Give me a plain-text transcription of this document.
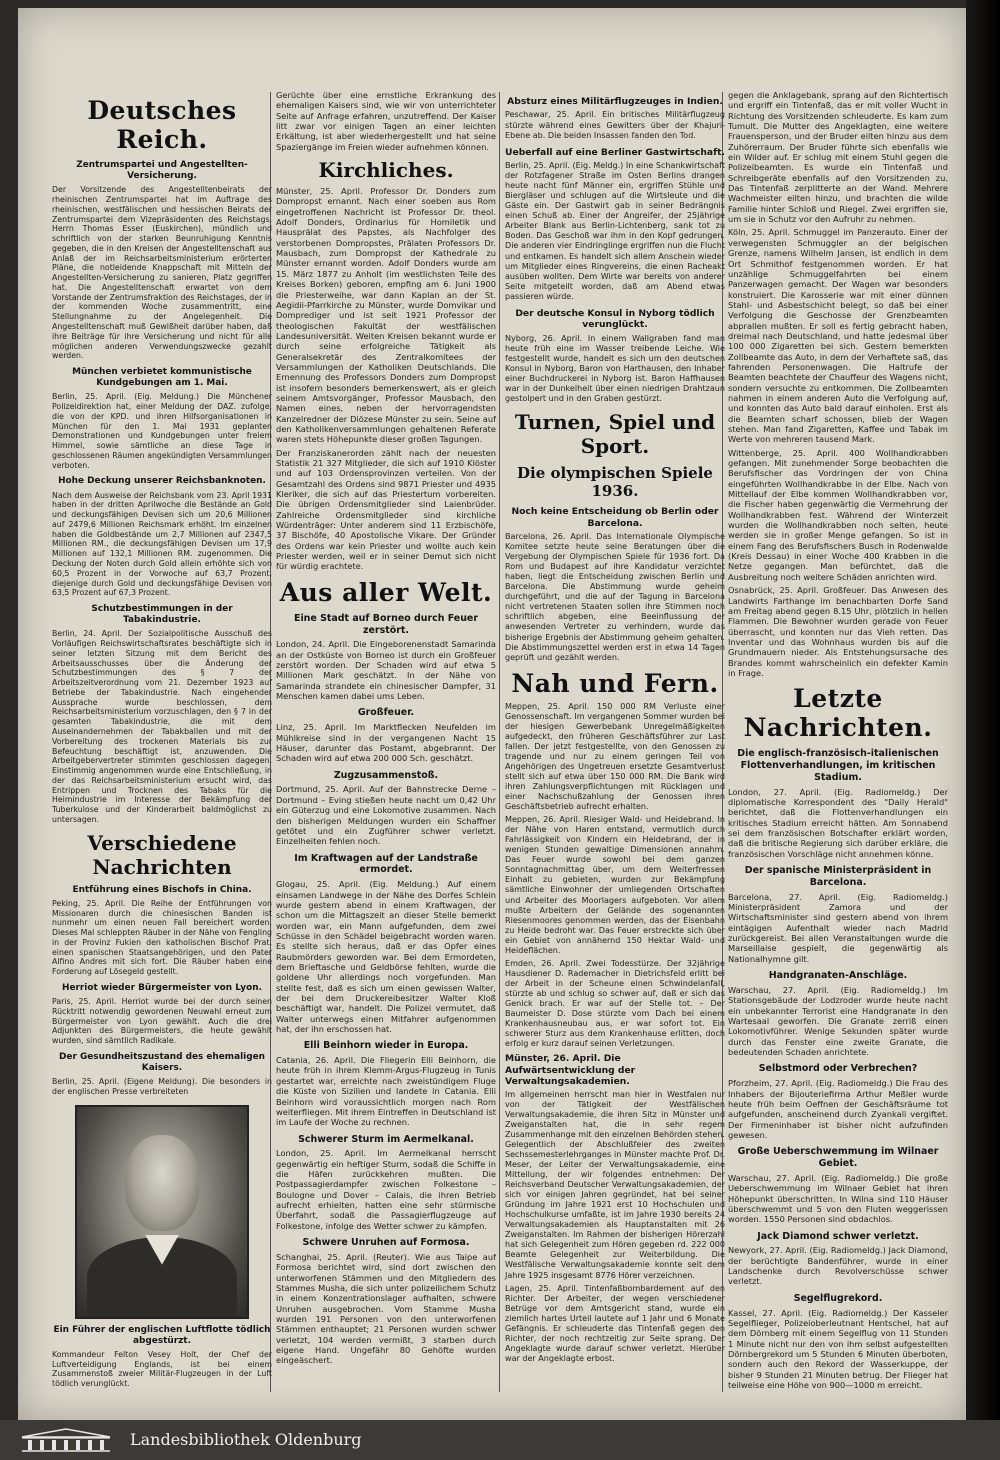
Deutsches Reich.
Zentrumspartei und Angestellten-Versicherung.

Der Vorsitzende des Angestelltenbeirats der rheinischen Zentrumspartei hat im Auftrage des rheinischen, westfälischen und hessischen Beirats der Zentrumspartei dem Vizepräsidenten des Reichstags, Herrn Thomas Esser (Euskirchen), mündlich und schriftlich von der starken Beunruhigung Kenntnis gegeben, die in den Kreisen der Angestelltenschaft aus Anlaß der im Reichsarbeitsministerium erörterten Pläne, die notleidende Knappschaft mit Mitteln der Angestellten-Versicherung zu sanieren, Platz gegriffen hat. Die Angestelltenschaft erwartet von dem Vorstande der Zentrumsfraktion des Reichstages, der in der kommenden Woche zusammentritt, eine Stellungnahme zu der Angelegenheit. Die Angestelltenschaft muß Gewißheit darüber haben, daß ihre Beiträge für ihre Versicherung und nicht für alle möglichen anderen Verwendungszwecke gezahlt werden.

München verbietet kommunistische Kundgebungen am 1. Mai.

Berlin, 25. April. (Eig. Meldung.) Die Münchener Polizeidirektion hat, einer Meldung der DAZ. zufolge, die von der KPD. und ihren Hilfsorganisationen in München für den 1. Mai 1931 geplanten Demonstrationen und Kundgebungen unter freiem Himmel, sowie sämtliche an diese Tage in geschlossenen Räumen angekündigten Versammlungen verboten.

Hohe Deckung unserer Reichsbanknoten.

Nach dem Ausweise der Reichsbank vom 23. April 1931 haben in der dritten Aprilwoche die Bestände an Gold und deckungsfähigen Devisen sich um 20,6 Millionen auf 2479,6 Millionen Reichsmark erhöht. Im einzelnen haben die Goldbestände um 2,7 Millionen auf 2347,5 Millionen RM., die deckungsfähigen Devisen um 17,9 Millionen auf 132,1 Millionen RM. zugenommen. Die Deckung der Noten durch Gold allein erhöhte sich von 60,5 Prozent in der Vorwoche auf 63,7 Prozent, diejenige durch Gold und deckungsfähige Devisen von 63,5 Prozent auf 67,3 Prozent.

Schutzbestimmungen in der Tabakindustrie.

Berlin, 24. April. Der Sozialpolitische Ausschuß des Vorläufigen Reichswirtschaftsrates beschäftigte sich in seiner letzten Sitzung mit dem Bericht des Arbeitsausschusses über die Änderung der Schutzbestimmungen des § 7 der Arbeitszeitverordnung vom 21. Dezember 1923 auf Betriebe der Tabakindustrie. Nach eingehender Aussprache wurde beschlossen, dem Reichsarbeitsministerium vorzuschlagen, den § 7 in der gesamten Tabakindustrie, die mit dem Auseinandernehmen der Tabakballen und mit der Vorbereitung des trockenen Materials bis zur Befeuchtung beschäftigt ist, anzuwenden. Die Arbeitgebervertreter stimmten geschlossen dagegen. Einstimmig angenommen wurde eine Entschließung, in der das Reichsarbeitsministerium ersucht wird, das Entrippen und Trocknen des Tabaks für die Heimindustrie im Interesse der Bekämpfung der Tuberkulose und der Kinderarbeit baldmöglichst zu untersagen.

Verschiedene Nachrichten
Entführung eines Bischofs in China.

Peking, 25. April. Die Reihe der Entführungen von Missionaren durch die chinesischen Banden ist nunmehr um einen neuen Fall bereichert worden. Dieses Mal schleppten Räuber in der Nähe von Fengling in der Provinz Fukien den katholischen Bischof Prat, einen spanischen Staatsangehörigen, und den Pater Alfino Andres mit sich fort. Die Räuber haben eine Forderung auf Lösegeld gestellt.

Herriot wieder Bürgermeister von Lyon.

Paris, 25. April. Herriot wurde bei der durch seinen Rücktritt notwendig gewordenen Neuwahl erneut zum Bürgermeister von Lyon gewählt. Auch die drei Adjunkten des Bürgermeisters, die heute gewählt wurden, sind sämtlich Radikale.

Der Gesundheitszustand des ehemaligen Kaisers.

Berlin, 25. April. (Eigene Meldung). Die besonders in der englischen Presse verbreiteten

Ein Führer der englischen Luftflotte tödlich abgestürzt.

Kommandeur Felton Vesey Holt, der Chef der Luftverteidigung Englands, ist bei einem Zusammenstoß zweier Militär-Flugzeugen in der Luft tödlich verunglückt.

Gerüchte über eine ernstliche Erkrankung des ehemaligen Kaisers sind, wie wir von unterrichteter Seite auf Anfrage erfahren, unzutreffend. Der Kaiser litt zwar vor einigen Tagen an einer leichten Erkältung, ist aber wiederhergestellt und hat seine Spaziergänge im Freien wieder aufnehmen können.

Kirchliches.

Münster, 25. April. Professor Dr. Donders zum Dompropst ernannt. Nach einer soeben aus Rom eingetroffenen Nachricht ist Professor Dr. theol. Adolf Donders, Ordinarius für Homiletik und Hausprälat des Papstes, als Nachfolger des verstorbenen Dompropstes, Prälaten Professors Dr. Mausbach, zum Dompropst der Kathedrale zu Münster ernannt worden. Adolf Donders wurde am 15. März 1877 zu Anholt (im westlichsten Teile des Kreises Borken) geboren, empfing am 6. Juni 1900 die Priesterweihe, war dann Kaplan an der St. Aegidii-Pfarrkirche zu Münster, wurde Domvikar und Domprediger und ist seit 1921 Professor der theologischen Fakultät der westfälischen Landesuniversität. Weiten Kreisen bekannt wurde er durch seine erfolgreiche Tätigkeit als Generalsekretär des Zentralkomitees der Versammlungen der Katholiken Deutschlands. Die Ernennung des Professors Donders zum Dompropst ist insofern besonders bemerkenswert, als er gleich seinem Amtsvorgänger, Professor Mausbach, den Namen eines, neben der hervorragendsten Kanzelredner der Diözese Münster zu sein. Seine auf den Katholikenversammlungen gehaltenen Referate waren stets Höhepunkte dieser großen Tagungen.

Der Franziskanerorden zählt nach der neuesten Statistik 21 327 Mitglieder, die sich auf 1910 Klöster und auf 103 Ordensprovinzen verteilen. Von der Gesamtzahl des Ordens sind 9871 Priester und 4935 Kleriker, die sich auf das Priestertum vorbereiten. Die übrigen Ordensmitglieder sind Laienbrüder. Zahlreiche Ordensmitglieder sind kirchliche Würdenträger: Unter anderem sind 11 Erzbischöfe, 37 Bischöfe, 40 Apostolische Vikare. Der Gründer des Ordens war kein Priester und wollte auch kein Priester werden, weil er in seiner Demut sich nicht für würdig erachtete.

Aus aller Welt.
Eine Stadt auf Borneo durch Feuer zerstört.

London, 24. April. Die Eingeborenenstadt Samarinda an der Ostküste von Borneo ist durch ein Großfeuer zerstört worden. Der Schaden wird auf etwa 5 Millionen Mark geschätzt. In der Nähe von Samarinda strandete ein chinesischer Dampfer, 31 Menschen kamen dabei ums Leben.

Großfeuer.

Linz, 25. April. Im Marktflecken Neufelden im Mühlkreise sind in der vergangenen Nacht 15 Häuser, darunter das Postamt, abgebrannt. Der Schaden wird auf etwa 200 000 Sch. geschätzt.

Zugzusammenstoß.

Dortmund, 25. April. Auf der Bahnstrecke Derne – Dortmund – Eving stießen heute nacht um 0,42 Uhr ein Güterzug und eine Lokomotive zusammen. Nach den bisherigen Meldungen wurden ein Schaffner getötet und ein Zugführer schwer verletzt. Einzelheiten fehlen noch.

Im Kraftwagen auf der Landstraße ermordet.

Glogau, 25. April. (Eig. Meldung.) Auf einem einsamen Landwege in der Nähe des Dorfes Schlein wurde gestern abend in einem Kraftwagen, der schon um die Mittagszeit an dieser Stelle bemerkt worden war, ein Mann aufgefunden, dem zwei Schüsse in den Schädel beigebracht worden waren. Es stellte sich heraus, daß er das Opfer eines Raubmörders geworden war. Bei dem Ermordeten, dem Brieftasche und Geldbörse fehlten, wurde die goldene Uhr allerdings noch vorgefunden. Man stellte fest, daß es sich um einen gewissen Walter, der bei dem Druckereibesitzer Walter Kloß beschäftigt war, handelt. Die Polizei vermutet, daß Walter unterwegs einen Mitfahrer aufgenommen hat, der ihn erschossen hat.

Elli Beinhorn wieder in Europa.

Catania, 26. April. Die Fliegerin Elli Beinhorn, die heute früh in ihrem Klemm-Argus-Flugzeug in Tunis gestartet war, erreichte nach zweistündigem Fluge die Küste von Sizilien und landete in Catania. Elli Beinhorn wird voraussichtlich morgen nach Rom weiterfliegen. Mit ihrem Eintreffen in Deutschland ist im Laufe der Woche zu rechnen.

Schwerer Sturm im Aermelkanal.

London, 25. April. Im Aermelkanal herrscht gegenwärtig ein heftiger Sturm, sodaß die Schiffe in die Häfen zurückkehren mußten. Die Postpassagierdampfer zwischen Folkestone – Boulogne und Dover – Calais, die ihren Betrieb aufrecht erhielten, hatten eine sehr stürmische Überfahrt, sodaß die Passagierflugzeuge auf Folkestone, infolge des Wetter schwer zu kämpfen.

Schwere Unruhen auf Formosa.

Schanghai, 25. April. (Reuter). Wie aus Taipe auf Formosa berichtet wird, sind dort zwischen den unterworfenen Stämmen und den Mitgliedern des Stammes Musha, die sich unter polizeilichem Schutz in einem Konzentrationslager aufhalten, schwere Unruhen ausgebrochen. Vom Stamme Musha wurden 191 Personen von den unterworfenen Stämmen enthauptet; 21 Personen wurden schwer verletzt, 104 werden vermißt, 3 starben durch eigene Hand. Ungefähr 80 Gehöfte wurden eingeäschert.

Absturz eines Militärflugzeuges in Indien.

Peschawar, 25. April. Ein britisches Militärflugzeug stürzte während eines Gewitters über der Khajuri-Ebene ab. Die beiden Insassen fanden den Tod.

Ueberfall auf eine Berliner Gastwirtschaft.

Berlin, 25. April. (Eig. Meldg.) In eine Schankwirtschaft der Rotzfagener Straße im Osten Berlins drangen heute nacht fünf Männer ein, ergriffen Stühle und Biergläser und schlugen auf die Wirtsleute und die Gäste ein. Der Gastwirt gab in seiner Bedrängnis einen Schuß ab. Einer der Angreifer, der 25jährige Arbeiter Blank aus Berlin-Lichtenberg, sank tot zu Boden. Das Geschoß war ihm in den Kopf gedrungen. Die anderen vier Eindringlinge ergriffen nun die Flucht und entkamen. Es handelt sich allem Anschein wieder um Mitglieder eines Ringvereins, die einen Racheakt ausüben wollten. Dem Wirte war bereits von anderer Seite mitgeteilt worden, daß am Abend etwas passieren würde.

Der deutsche Konsul in Nyborg tödlich verunglückt.

Nyborg, 26. April. In einem Wallgraben fand man heute früh eine im Wasser treibende Leiche. Wie festgestellt wurde, handelt es sich um den deutschen Konsul in Nyborg, Baron von Harthausen, den Inhaber einer Buchdruckerei in Nyborg ist. Baron Haffhausen war in der Dunkelheit über einen niedrigen Drahtzaun gestolpert und in den Graben gestürzt.

Turnen, Spiel und Sport.
Die olympischen Spiele 1936.
Noch keine Entscheidung ob Berlin oder Barcelona.

Barcelona, 26. April. Das Internationale Olympische Komitee setzte heute seine Beratungen über die Vergebung der Olympischen Spiele für 1936 fort. Da Rom und Budapest auf ihre Kandidatur verzichtet haben, liegt die Entscheidung zwischen Berlin und Barcelona. Die Abstimmung wurde geheim durchgeführt, und die auf der Tagung in Barcelona nicht vertretenen Staaten sollen ihre Stimmen noch schriftlich abgeben, eine Beeinflussung der anwesenden Vertreter zu verhindern, wurde das bisherige Ergebnis der Abstimmung geheim gehalten. Die Abstimmungszettel werden erst in etwa 14 Tagen geprüft und gezählt werden.

Nah und Fern.

Meppen, 25. April. 150 000 RM Verluste einer Genossenschaft. Im vergangenen Sommer wurden bei der hiesigen Gewerbebank Unregelmäßigkeiten aufgedeckt, den früheren Geschäftsführer zur Last fallen. Der jetzt festgestellte, von den Genossen zu tragende und nur zu einem geringen Teil von Angehörigen des Ungetreuen ersetzte Gesamtverlust stellt sich auf etwa über 150 000 RM. Die Bank wird ihren Zahlungsverpflichtungen mit Rücklagen und einer Nachschußzahlung der Genossen ihren Geschäftsbetrieb aufrecht erhalten.

Meppen, 26. April. Riesiger Wald- und Heidebrand. In der Nähe von Haren entstand, vermutlich durch Fahrlässigkeit von Kindern ein Heidebrand, der in wenigen Stunden gewaltige Dimensionen annahm. Das Feuer wurde sowohl bei dem ganzen Sonntagnachmittag über, um dem Weiterfressen Einhalt zu gebieten, wurden zur Bekämpfung sämtliche Einwohner der umliegenden Ortschaften und Arbeiter des Moorlagers aufgeboten. Vor allem mußte Arbeitern der Gelände des sogenannten Riesenmoores genommen werden, das der Eisenbahn zu Heide bedroht war. Das Feuer erstreckte sich über ein Gebiet von annähernd 150 Hektar Wald- und Heideflächen.

Emden, 26. April. Zwei Todesstürze. Der 32jährige Hausdiener D. Rademacher in Dietrichsfeld erlitt bei der Arbeit in der Scheune einen Schwindelanfall, stürzte ab und schlug so schwer auf, daß er sich das Genick brach. Er war auf der Stelle tot. – Der Baumeister D. Dose stürzte vom Dach bei einem Krankenhausneubau aus, er war sofort tot. Ein schwerer Sturz aus dem Krankenhause erlitten, doch erfolg er kurz darauf seinen Verletzungen.

Münster, 26. April. Die Aufwärtsentwicklung der Verwaltungsakademien.

Im allgemeinen herrscht man hier in Westfalen nur von der Tätigkeit der Westfälischen Verwaltungsakademie, die ihren Sitz in Münster und Zweiganstalten hat, die in sehr regem Zusammenhange mit den einzelnen Behörden stehen. Gelegentlich der Abschlußfeier des zweiten Sechssemesterlehrganges in Münster machte Prof. Dr. Meser, der Leiter der Verwaltungsakademie, eine Mitteilung, der wir folgendes entnehmen: Der Reichsverband Deutscher Verwaltungsakademien, der sich vor einigen Jahren gegründet, hat bei seiner Gründung im Jahre 1921 erst 10 Hochschulen und Hochschulkurse umfaßte, ist im Jahre 1930 bereits 24 Verwaltungsakademien als Hauptanstalten mit 26 Zweiganstalten. Im Rahmen der bisherigen Hörerzahl hat sich Gelegenheit zum Hören gegeben rd. 222 000 Beamte Gelegenheit zur Weiterbildung. Die Westfälische Verwaltungsakademie konnte seit dem Jahre 1925 insgesamt 8776 Hörer verzeichnen.

Lagen, 25. April. Tintenfaßbombardement auf den Richter. Der Arbeiter, der wegen verschiedener Betrüge vor dem Amtsgericht stand, wurde ein ziemlich hartes Urteil lautete auf 1 Jahr und 6 Monate Gefängnis. Er schleuderte das Tintenfaß gegen den Richter, der noch rechtzeitig zur Seite sprang. Der Angeklagte wurde darauf schwer verletzt. Hierüber war der Angeklagte erbost.

gegen die Anklagebank, sprang auf den Richtertisch und ergriff ein Tintenfaß, das er mit voller Wucht in Richtung des Vorsitzenden schleuderte. Es kam zum Tumult. Die Mutter des Angeklagten, eine weitere Frauensperson, und der Bruder eilten hinzu aus dem Zuhörerraum. Der Bruder führte sich ebenfalls wie ein Wilder auf. Er schlug mit einem Stuhl gegen die Polizeibeamten. Es wurde ein Tintenfaß und Schreibgeräte ebenfalls auf den Vorsitzenden zu. Das Tintenfaß zerplitterte an der Wand. Mehrere Wachmeister eilten hinzu, und brachten die wilde Familie hinter Schloß und Riegel. Zwei ergriffen sie, um sie in Schutz vor den Aufruhr zu nehmen.

Köln, 25. April. Schmuggel im Panzerauto. Einer der verwegensten Schmuggler an der belgischen Grenze, namens Wilhelm Jansen, ist endlich in dem Ort Schmithof festgenommen worden. Er hat unzählige Schmuggelfahrten bei einem Panzerwagen gemacht. Der Wagen war besonders konstruiert. Die Karosserie war mit einer dünnen Stahl- und Asbestschicht belegt, so daß bei einer Verfolgung die Geschosse der Grenzbeamten abprallen mußten. Er soll es fertig gebracht haben, dreimal nach Deutschland, und hatte jedesmal über 100 000 Zigaretten bei sich. Gestern bemerkten Zollbeamte das Auto, in dem der Verhaftete saß, das fahrenden Personenwagen. Die Haltrufe der Beamten beachtete der Chauffeur des Wagens nicht, sondern versuchte zu entkommen. Die Zollbeamten nahmen in einem anderen Auto die Verfolgung auf, und konnten das Auto bald darauf einholen. Erst als die Beamten scharf schossen, blieb der Wagen stehen. Man fand Zigaretten, Kaffee und Tabak im Werte von mehreren tausend Mark.

Wittenberge, 25. April. 400 Wollhandkrabben gefangen. Mit zunehmender Sorge beobachten die Berufsfischer das Vordringen der von China eingeführten Wollhandkrabbe in der Elbe. Nach von Mittellauf der Elbe kommen Wollhandkrabben vor, die Fischer haben gegenwärtig die Vermehrung der Wollhandkrabben fest. Während der Winterzeit wurden die Wollhandkrabben noch selten, heute werden sie in großer Menge gefangen. So ist in einem Fang des Berufsfischers Busch in Rodenwalde (Kreis Dessau) in einer Woche 400 Krabben in die Netze gegangen. Man befürchtet, daß die Ausbreitung noch weitere Schäden anrichten wird.

Osnabrück, 25. April. Großfeuer. Das Anwesen des Landwirts Farthange im benachbarten Dorfe Sand am Freitag abend gegen 8.15 Uhr, plötzlich in hellen Flammen. Die Bewohner wurden gerade von Feuer überrascht, und konnten nur das Vieh retten. Das Inventar und das Wohnhaus wurden bis auf die Grundmauern nieder. Als Entstehungsursache des Brandes kommt wahrscheinlich ein defekter Kamin in Frage.

Letzte Nachrichten.
Die englisch-französisch-italienischen Flottenverhandlungen, im kritischen Stadium.

London, 27. April. (Eig. Radiomeldg.) Der diplomatische Korrespondent des "Daily Herald" berichtet, daß die Flottenverhandlungen ein kritisches Stadium erreicht hätten. Am Sonnabend sei dem französischen Botschafter erklärt worden, daß die britische Regierung sich darüber erkläre, die französischen Vorschläge nicht annehmen könne.

Der spanische Ministerpräsident in Barcelona.

Barcelona, 27. April. (Eig. Radiomeldg.) Ministerpräsident Zamora und der Wirtschaftsminister sind gestern abend von ihrem eintägigen Aufenthalt wieder nach Madrid zurückgereist. Bei allen Veranstaltungen wurde die Marseillaise gespielt, die gegenwärtig als Nationalhymne gilt.

Handgranaten-Anschläge.

Warschau, 27. April. (Eig. Radiomeldg.) Im Stationsgebäude der Lodzroder wurde heute nacht ein unbekannter Terrorist eine Handgranate in den Wartesaal geworfen. Die Granate zerriß einen Lokomotivführer. Wenige Sekunden später wurde durch das Fenster eine zweite Granate, die bedeutenden Schaden anrichtete.

Selbstmord oder Verbrechen?

Pforzheim, 27. April. (Eig. Radiomeldg.) Die Frau des Inhabers der Bijouteriefirma Arthur Meßler wurde heute früh beim Oeffnen der Geschäftsräume tot aufgefunden, anscheinend durch Zyankali vergiftet. Der Firmeninhaber ist bisher nicht aufzufinden gewesen.

Große Ueberschwemmung im Wilnaer Gebiet.

Warschau, 27. April. (Eig. Radiomeldg.) Die große Ueberschwemmung im Wilnaer Gebiet hat ihren Höhepunkt überschritten. In Wilna sind 110 Häuser überschwemmt und 5 von den Fluten weggerissen worden. 1550 Personen sind obdachlos.

Jack Diamond schwer verletzt.

Newyork, 27. April. (Eig. Radiomeldg.) Jack Diamond, der berüchtigte Bandenführer, wurde in einer Landschenke durch Revolverschüsse schwer verletzt.

Segelflugrekord.

Kassel, 27. April. (Eig. Radiomeldg.) Der Kasseler Segelflieger, Polizeioberleutnant Hentschel, hat auf dem Dörnberg mit einem Segelflug von 11 Stunden 1 Minute nicht nur den von ihm selbst aufgestellten Dörnbergrekord um 5 Stunden 6 Minuten überboten, sondern auch den Rekord der Wasserkuppe, der bisher 9 Stunden 21 Minuten betrug. Der Flieger hat teilweise eine Höhe von 900—1000 m erreicht.

Landesbibliothek Oldenburg
